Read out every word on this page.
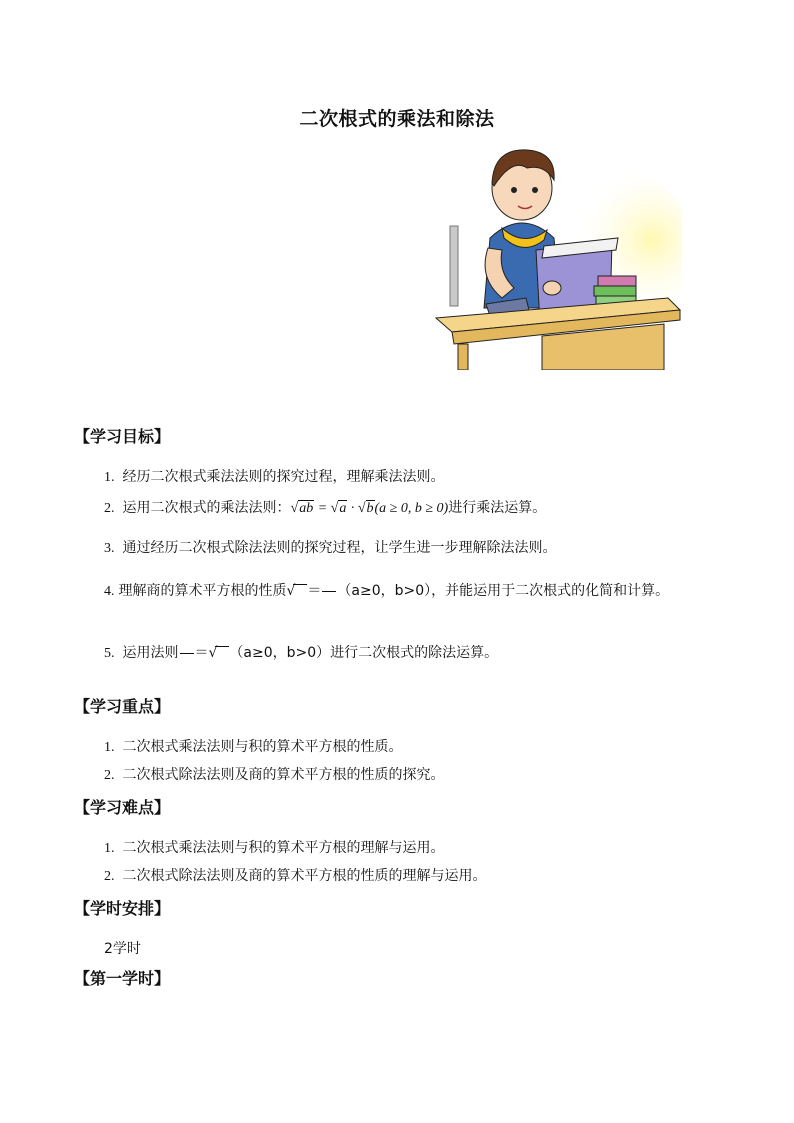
二次根式的乘法和除法
【学习目标】
1. 经历二次根式乘法法则的探究过程，理解乘法法则。
2. 运用二次根式的乘法法则：√ab = √a · √b(a ≥ 0, b ≥ 0)进行乘法运算。
3. 通过经历二次根式除法法则的探究过程，让学生进一步理解除法法则。
4. 理解商的算术平方根的性质√ ＝ （a≥0，b>0），并能运用于二次根式的化简和计算。
5. 运用法则 ＝√ （a≥0，b>0）进行二次根式的除法运算。
【学习重点】
1. 二次根式乘法法则与积的算术平方根的性质。
2. 二次根式除法法则及商的算术平方根的性质的探究。
【学习难点】
1. 二次根式乘法法则与积的算术平方根的理解与运用。
2. 二次根式除法法则及商的算术平方根的性质的理解与运用。
【学时安排】
2学时
【第一学时】
